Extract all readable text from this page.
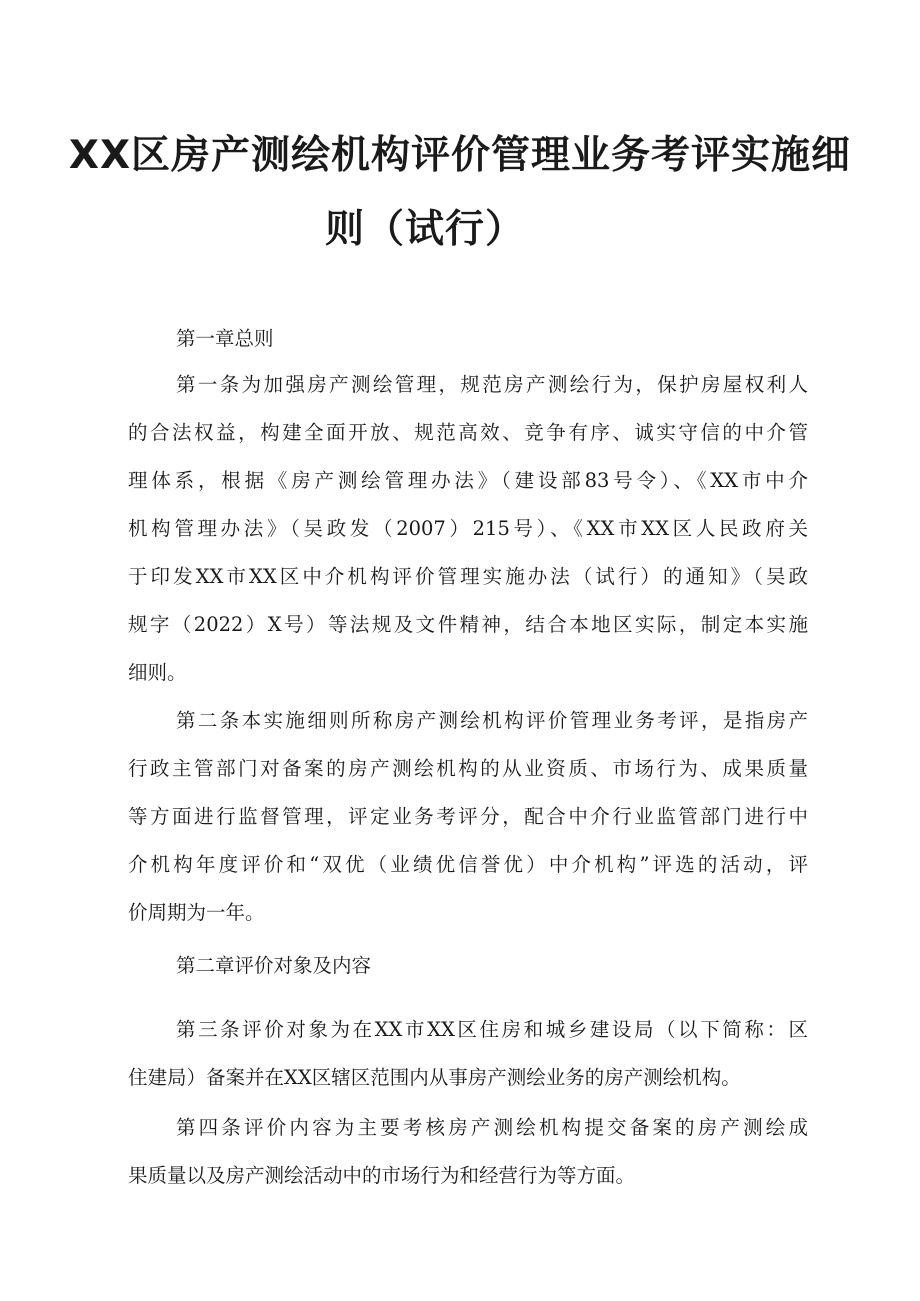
XX区房产测绘机构评价管理业务考评实施细
则（试行）

第一章总则

第一条为加强房产测绘管理，规范房产测绘行为，保护房屋权利人
的合法权益，构建全面开放、规范高效、竞争有序、诚实守信的中介管
理体系，根据《房产测绘管理办法》（建设部83号令）、《XX市中介
机构管理办法》（吴政发（2007）215号）、《XX市XX区人民政府关
于印发XX市XX区中介机构评价管理实施办法（试行）的通知》（吴政
规字（2022）X号）等法规及文件精神，结合本地区实际，制定本实施
细则。
第二条本实施细则所称房产测绘机构评价管理业务考评，是指房产
行政主管部门对备案的房产测绘机构的从业资质、市场行为、成果质量
等方面进行监督管理，评定业务考评分，配合中介行业监管部门进行中
介机构年度评价和“双优（业绩优信誉优）中介机构”评选的活动，评
价周期为一年。

第二章评价对象及内容

第三条评价对象为在XX市XX区住房和城乡建设局（以下简称：区
住建局）备案并在XX区辖区范围内从事房产测绘业务的房产测绘机构。
第四条评价内容为主要考核房产测绘机构提交备案的房产测绘成
果质量以及房产测绘活动中的市场行为和经营行为等方面。
